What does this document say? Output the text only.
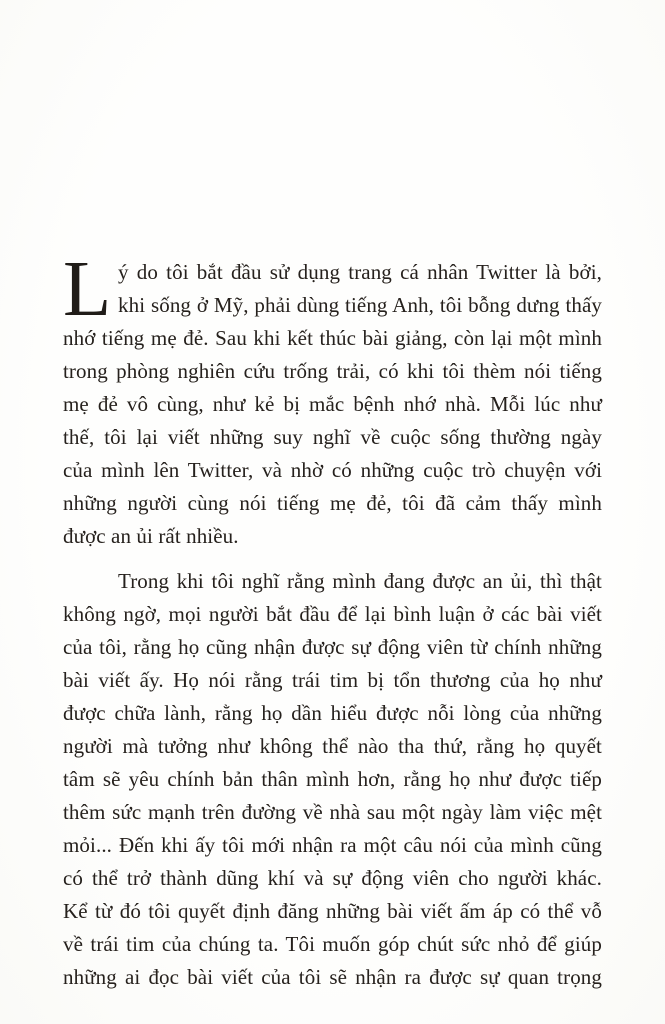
L ý do tôi bắt đầu sử dụng trang cá nhân Twitter là bởi,
khi sống ở Mỹ, phải dùng tiếng Anh, tôi bỗng dưng thấy
nhớ tiếng mẹ đẻ. Sau khi kết thúc bài giảng, còn lại một mình
trong phòng nghiên cứu trống trải, có khi tôi thèm nói tiếng
mẹ đẻ vô cùng, như kẻ bị mắc bệnh nhớ nhà. Mỗi lúc như
thế, tôi lại viết những suy nghĩ về cuộc sống thường ngày
của mình lên Twitter, và nhờ có những cuộc trò chuyện với
những người cùng nói tiếng mẹ đẻ, tôi đã cảm thấy mình
được an ủi rất nhiều.
Trong khi tôi nghĩ rằng mình đang được an ủi, thì thật
không ngờ, mọi người bắt đầu để lại bình luận ở các bài viết
của tôi, rằng họ cũng nhận được sự động viên từ chính những
bài viết ấy. Họ nói rằng trái tim bị tổn thương của họ như
được chữa lành, rằng họ dần hiểu được nỗi lòng của những
người mà tưởng như không thể nào tha thứ, rằng họ quyết
tâm sẽ yêu chính bản thân mình hơn, rằng họ như được tiếp
thêm sức mạnh trên đường về nhà sau một ngày làm việc mệt
mỏi... Đến khi ấy tôi mới nhận ra một câu nói của mình cũng
có thể trở thành dũng khí và sự động viên cho người khác.
Kể từ đó tôi quyết định đăng những bài viết ấm áp có thể vỗ
về trái tim của chúng ta. Tôi muốn góp chút sức nhỏ để giúp
những ai đọc bài viết của tôi sẽ nhận ra được sự quan trọng
